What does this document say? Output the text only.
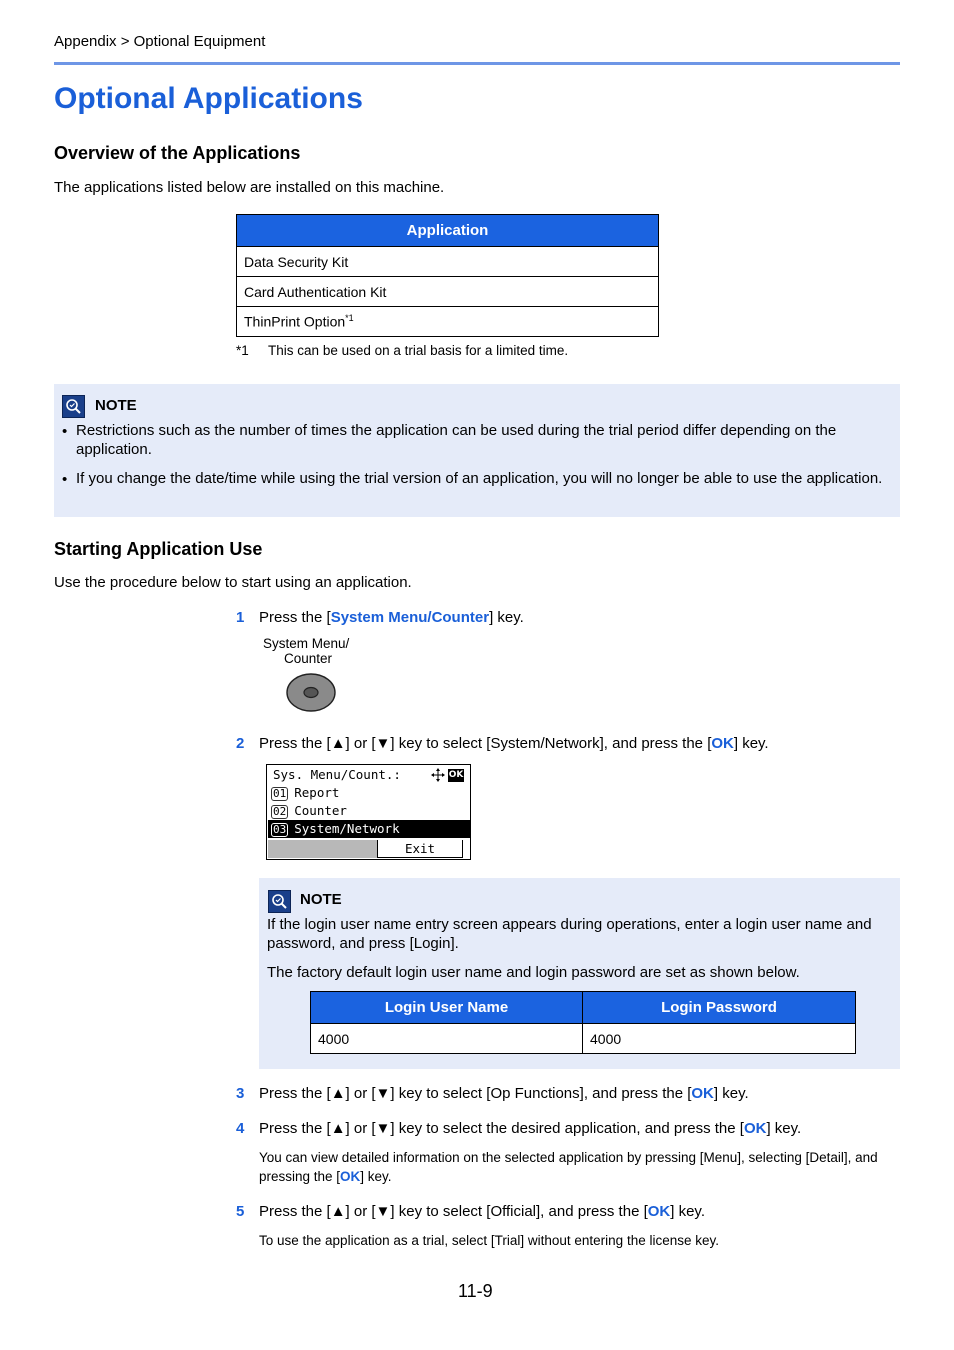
Appendix > Optional Equipment
Optional Applications
Overview of the Applications
The applications listed below are installed on this machine.
Application
Data Security Kit
Card Authentication Kit
ThinPrint Option$^{*1}$
*1 This can be used on a trial basis for a limited time.
NOTE
• Restrictions such as the number of times the application can be used during the trial period differ depending on the application.
• If you change the date/time while using the trial version of an application, you will no longer be able to use the application.
Starting Application Use
Use the procedure below to start using an application.
1 Press the [System Menu/Counter] key.
System Menu/
Counter
2 Press the [▲] or [▼] key to select [System/Network], and press the [OK] key.
Sys. Menu/Count.:	OK
01 Report
02 Counter
03 System/Network
Exit
NOTE
If the login user name entry screen appears during operations, enter a login user name and password, and press [Login].
The factory default login user name and login password are set as shown below.
Login User Name	Login Password
4000	4000
3 Press the [▲] or [▼] key to select [Op Functions], and press the [OK] key.
4 Press the [▲] or [▼] key to select the desired application, and press the [OK] key.
You can view detailed information on the selected application by pressing [Menu], selecting [Detail], and pressing the [OK] key.
5 Press the [▲] or [▼] key to select [Official], and press the [OK] key.
To use the application as a trial, select [Trial] without entering the license key.
11-9
